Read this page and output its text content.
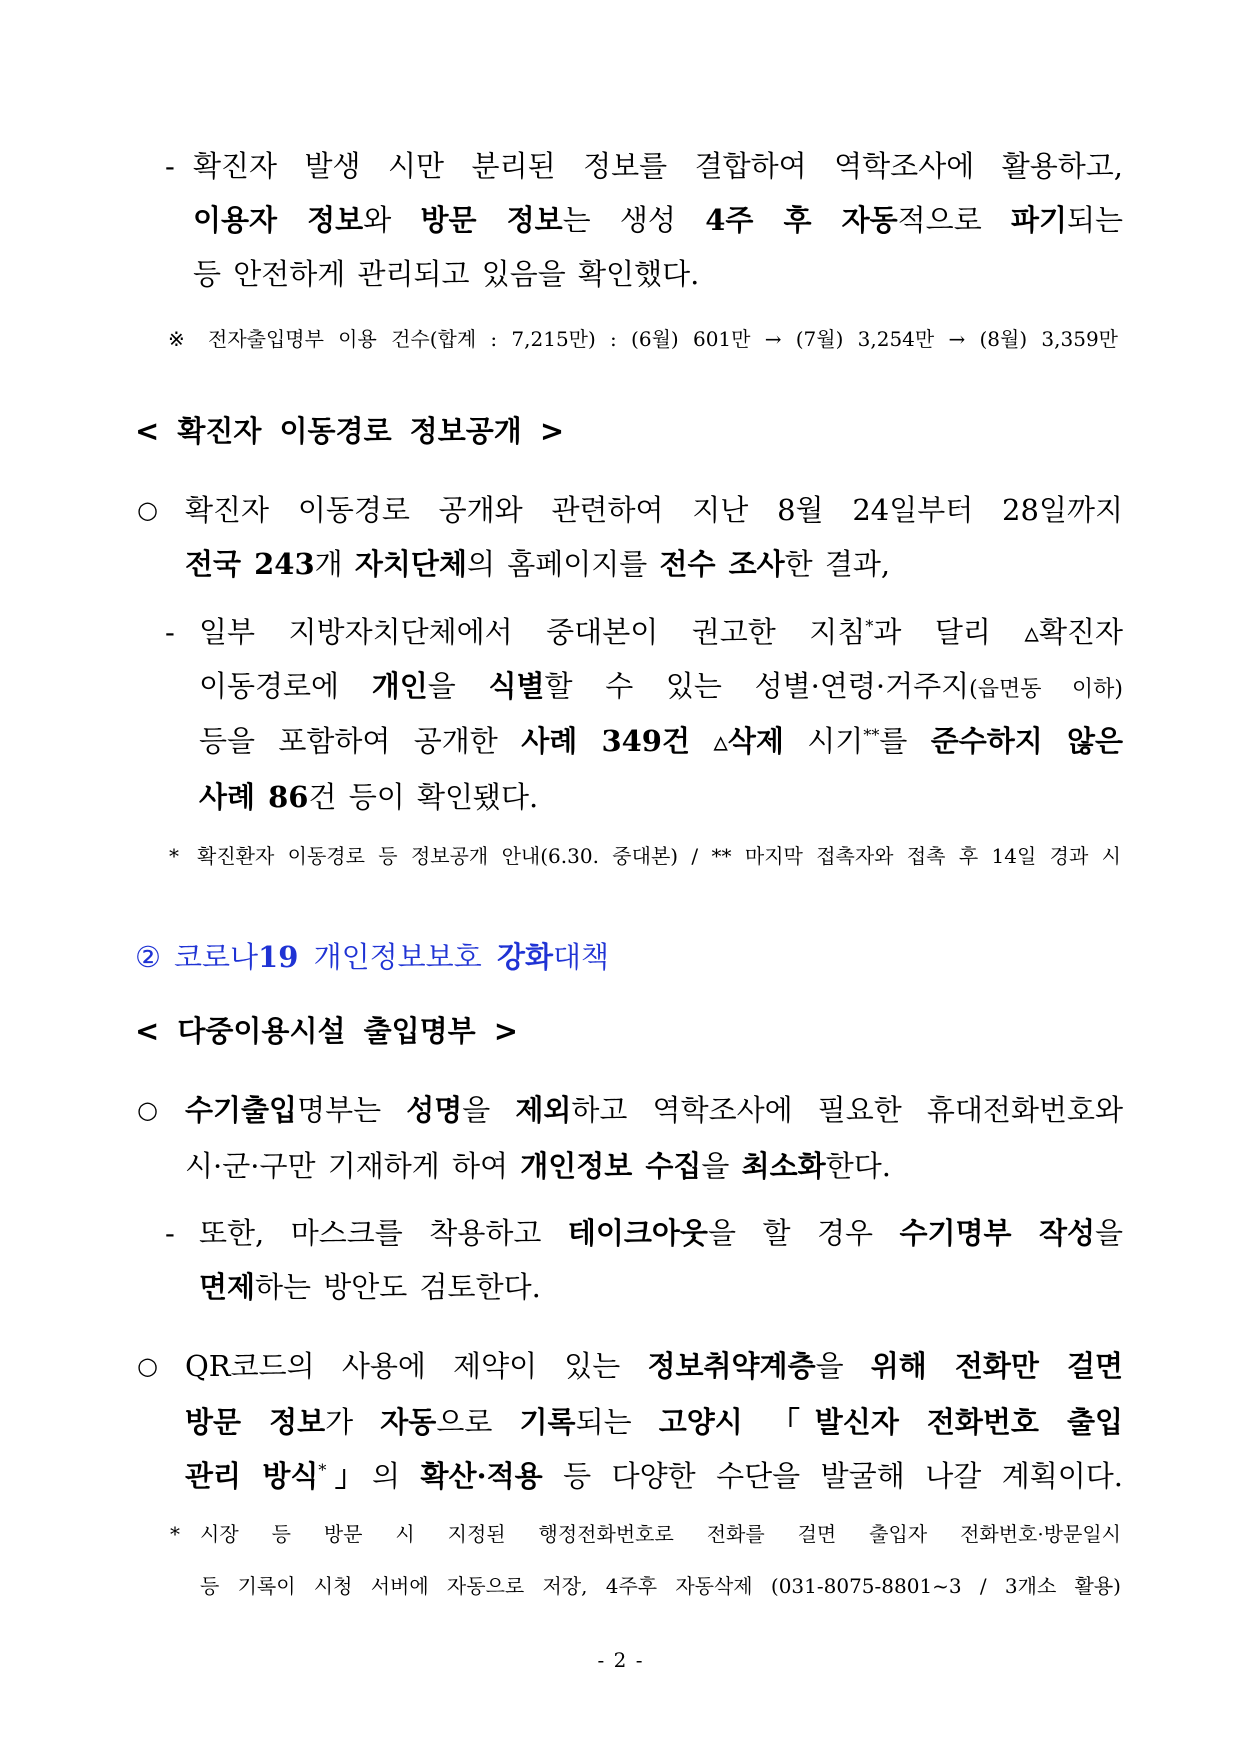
- 확진자 발생 시만 분리된 정보를 결합하여 역학조사에 활용하고,
이용자 정보와 방문 정보는 생성 4주 후 자동적으로 파기되는
등 안전하게 관리되고 있음을 확인했다.
※ 전자출입명부 이용 건수(합계 : 7,215만) : (6월) 601만 → (7월) 3,254만 → (8월) 3,359만
< 확진자 이동경로 정보공개 >
○ 확진자 이동경로 공개와 관련하여 지난 8월 24일부터 28일까지
전국 243개 자치단체의 홈페이지를 전수 조사한 결과,
- 일부 지방자치단체에서 중대본이 권고한 지침*과 달리 ▵확진자
이동경로에 개인을 식별할 수 있는 성별·연령·거주지(읍면동 이하)
등을 포함하여 공개한 사례 349건 ▵삭제 시기**를 준수하지 않은
사례 86건 등이 확인됐다.
* 확진환자 이동경로 등 정보공개 안내(6.30. 중대본) / ** 마지막 접촉자와 접촉 후 14일 경과 시
② 코로나19 개인정보보호 강화대책
< 다중이용시설 출입명부 >
○ 수기출입명부는 성명을 제외하고 역학조사에 필요한 휴대전화번호와
시·군·구만 기재하게 하여 개인정보 수집을 최소화한다.
- 또한, 마스크를 착용하고 테이크아웃을 할 경우 수기명부 작성을
면제하는 방안도 검토한다.
○ QR코드의 사용에 제약이 있는 정보취약계층을 위해 전화만 걸면
방문 정보가 자동으로 기록되는 고양시 「발신자 전화번호 출입
관리 방식*」의 확산·적용 등 다양한 수단을 발굴해 나갈 계획이다.
* 시장 등 방문 시 지정된 행정전화번호로 전화를 걸면 출입자 전화번호·방문일시
등 기록이 시청 서버에 자동으로 저장, 4주후 자동삭제 (031-8075-8801~3 / 3개소 활용)
- 2 -
